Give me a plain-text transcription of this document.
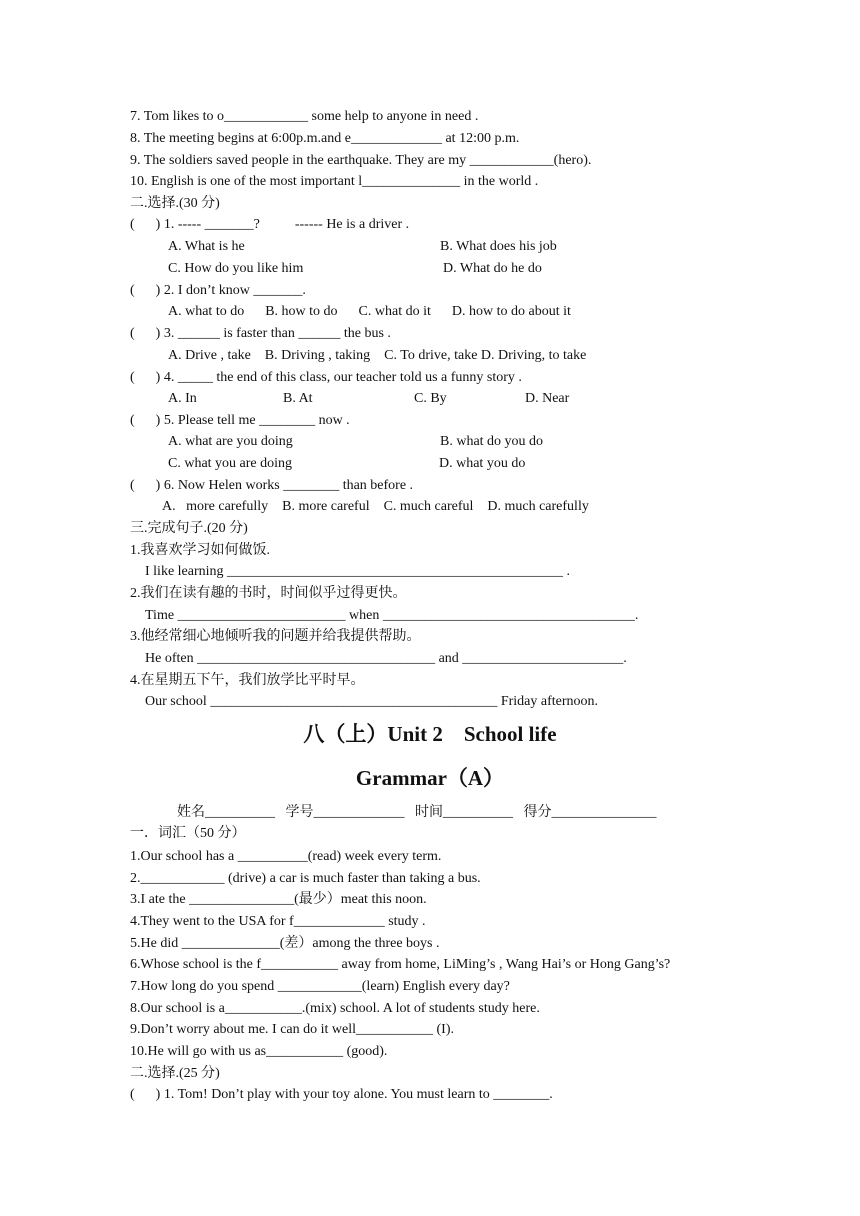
7. Tom likes to o____________ some help to anyone in need .
8. The meeting begins at 6:00p.m.and e_____________ at 12:00 p.m.
9. The soldiers saved people in the earthquake. They are my ____________(hero).
10. English is one of the most important l______________ in the world .
二.选择.(30 分)
(      ) 1. ----- _______?          ------ He is a driver .
A. What is he	B. What does his job
C. How do you like him	D. What do he do
(      ) 2. I don’t know _______.
A. what to do      B. how to do      C. what do it      D. how to do about it
(      ) 3. ______ is faster than ______ the bus .
A. Drive , take    B. Driving , taking    C. To drive, take D. Driving, to take
(      ) 4. _____ the end of this class, our teacher told us a funny story .
A. In	B. At	C. By	D. Near
(      ) 5. Please tell me ________ now .
A. what are you doing	B. what do you do
C. what you are doing	D. what you do
(      ) 6. Now Helen works ________ than before .
A.   more carefully    B. more careful    C. much careful    D. much carefully
三.完成句子.(20 分)
1.我喜欢学习如何做饭.
I like learning ________________________________________________ .
2.我们在读有趣的书时，时间似乎过得更快。
Time ________________________ when ____________________________________.
3.他经常细心地倾听我的问题并给我提供帮助。
He often __________________________________ and _______________________.
4.在星期五下午，我们放学比平时早。
Our school _________________________________________ Friday afternoon.
八（上）Unit 2    School life
Grammar（A）
姓名__________   学号_____________   时间__________   得分_______________
一．词汇（50 分）
1.Our school has a __________(read) week every term.
2.____________ (drive) a car is much faster than taking a bus.
3.I ate the _______________(最少）meat this noon.
4.They went to the USA for f_____________ study .
5.He did ______________(差）among the three boys .
6.Whose school is the f___________ away from home, LiMing’s , Wang Hai’s or Hong Gang’s?
7.How long do you spend ____________(learn) English every day?
8.Our school is a___________.(mix) school. A lot of students study here.
9.Don’t worry about me. I can do it well___________ (I).
10.He will go with us as___________ (good).
二.选择.(25 分)
(      ) 1. Tom! Don’t play with your toy alone. You must learn to ________.
